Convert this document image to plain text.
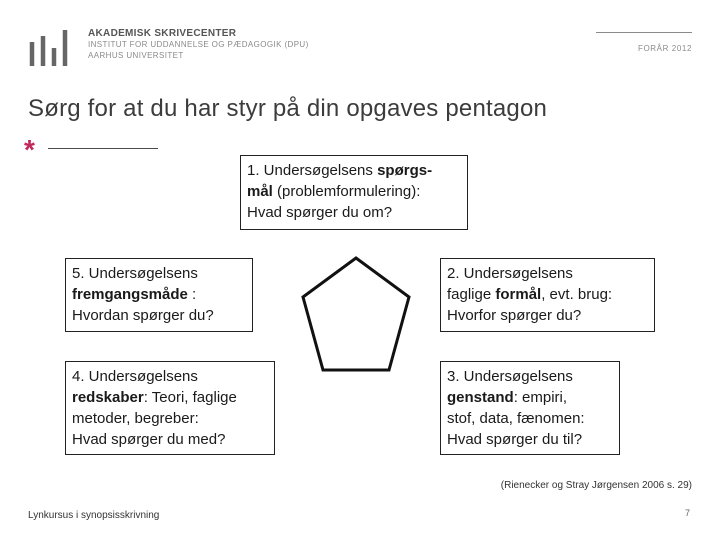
AKADEMISK SKRIVECENTER
INSTITUT FOR UDDANNELSE OG PÆDAGOGIK (DPU)
AARHUS UNIVERSITET
FORÅR 2012
Sørg for at du har styr på din opgaves pentagon
*
1. Undersøgelsens spørgs-
mål (problemformulering):
Hvad spørger du om?
5. Undersøgelsens
fremgangsmåde :
Hvordan spørger du?
2. Undersøgelsens
faglige formål, evt. brug:
Hvorfor spørger du?
4. Undersøgelsens
redskaber: Teori, faglige
metoder, begreber:
Hvad spørger du med?
3. Undersøgelsens
genstand: empiri,
stof, data, fænomen:
Hvad spørger du til?
(Rienecker og Stray Jørgensen 2006 s. 29)
Lynkursus i synopsisskrivning	7
